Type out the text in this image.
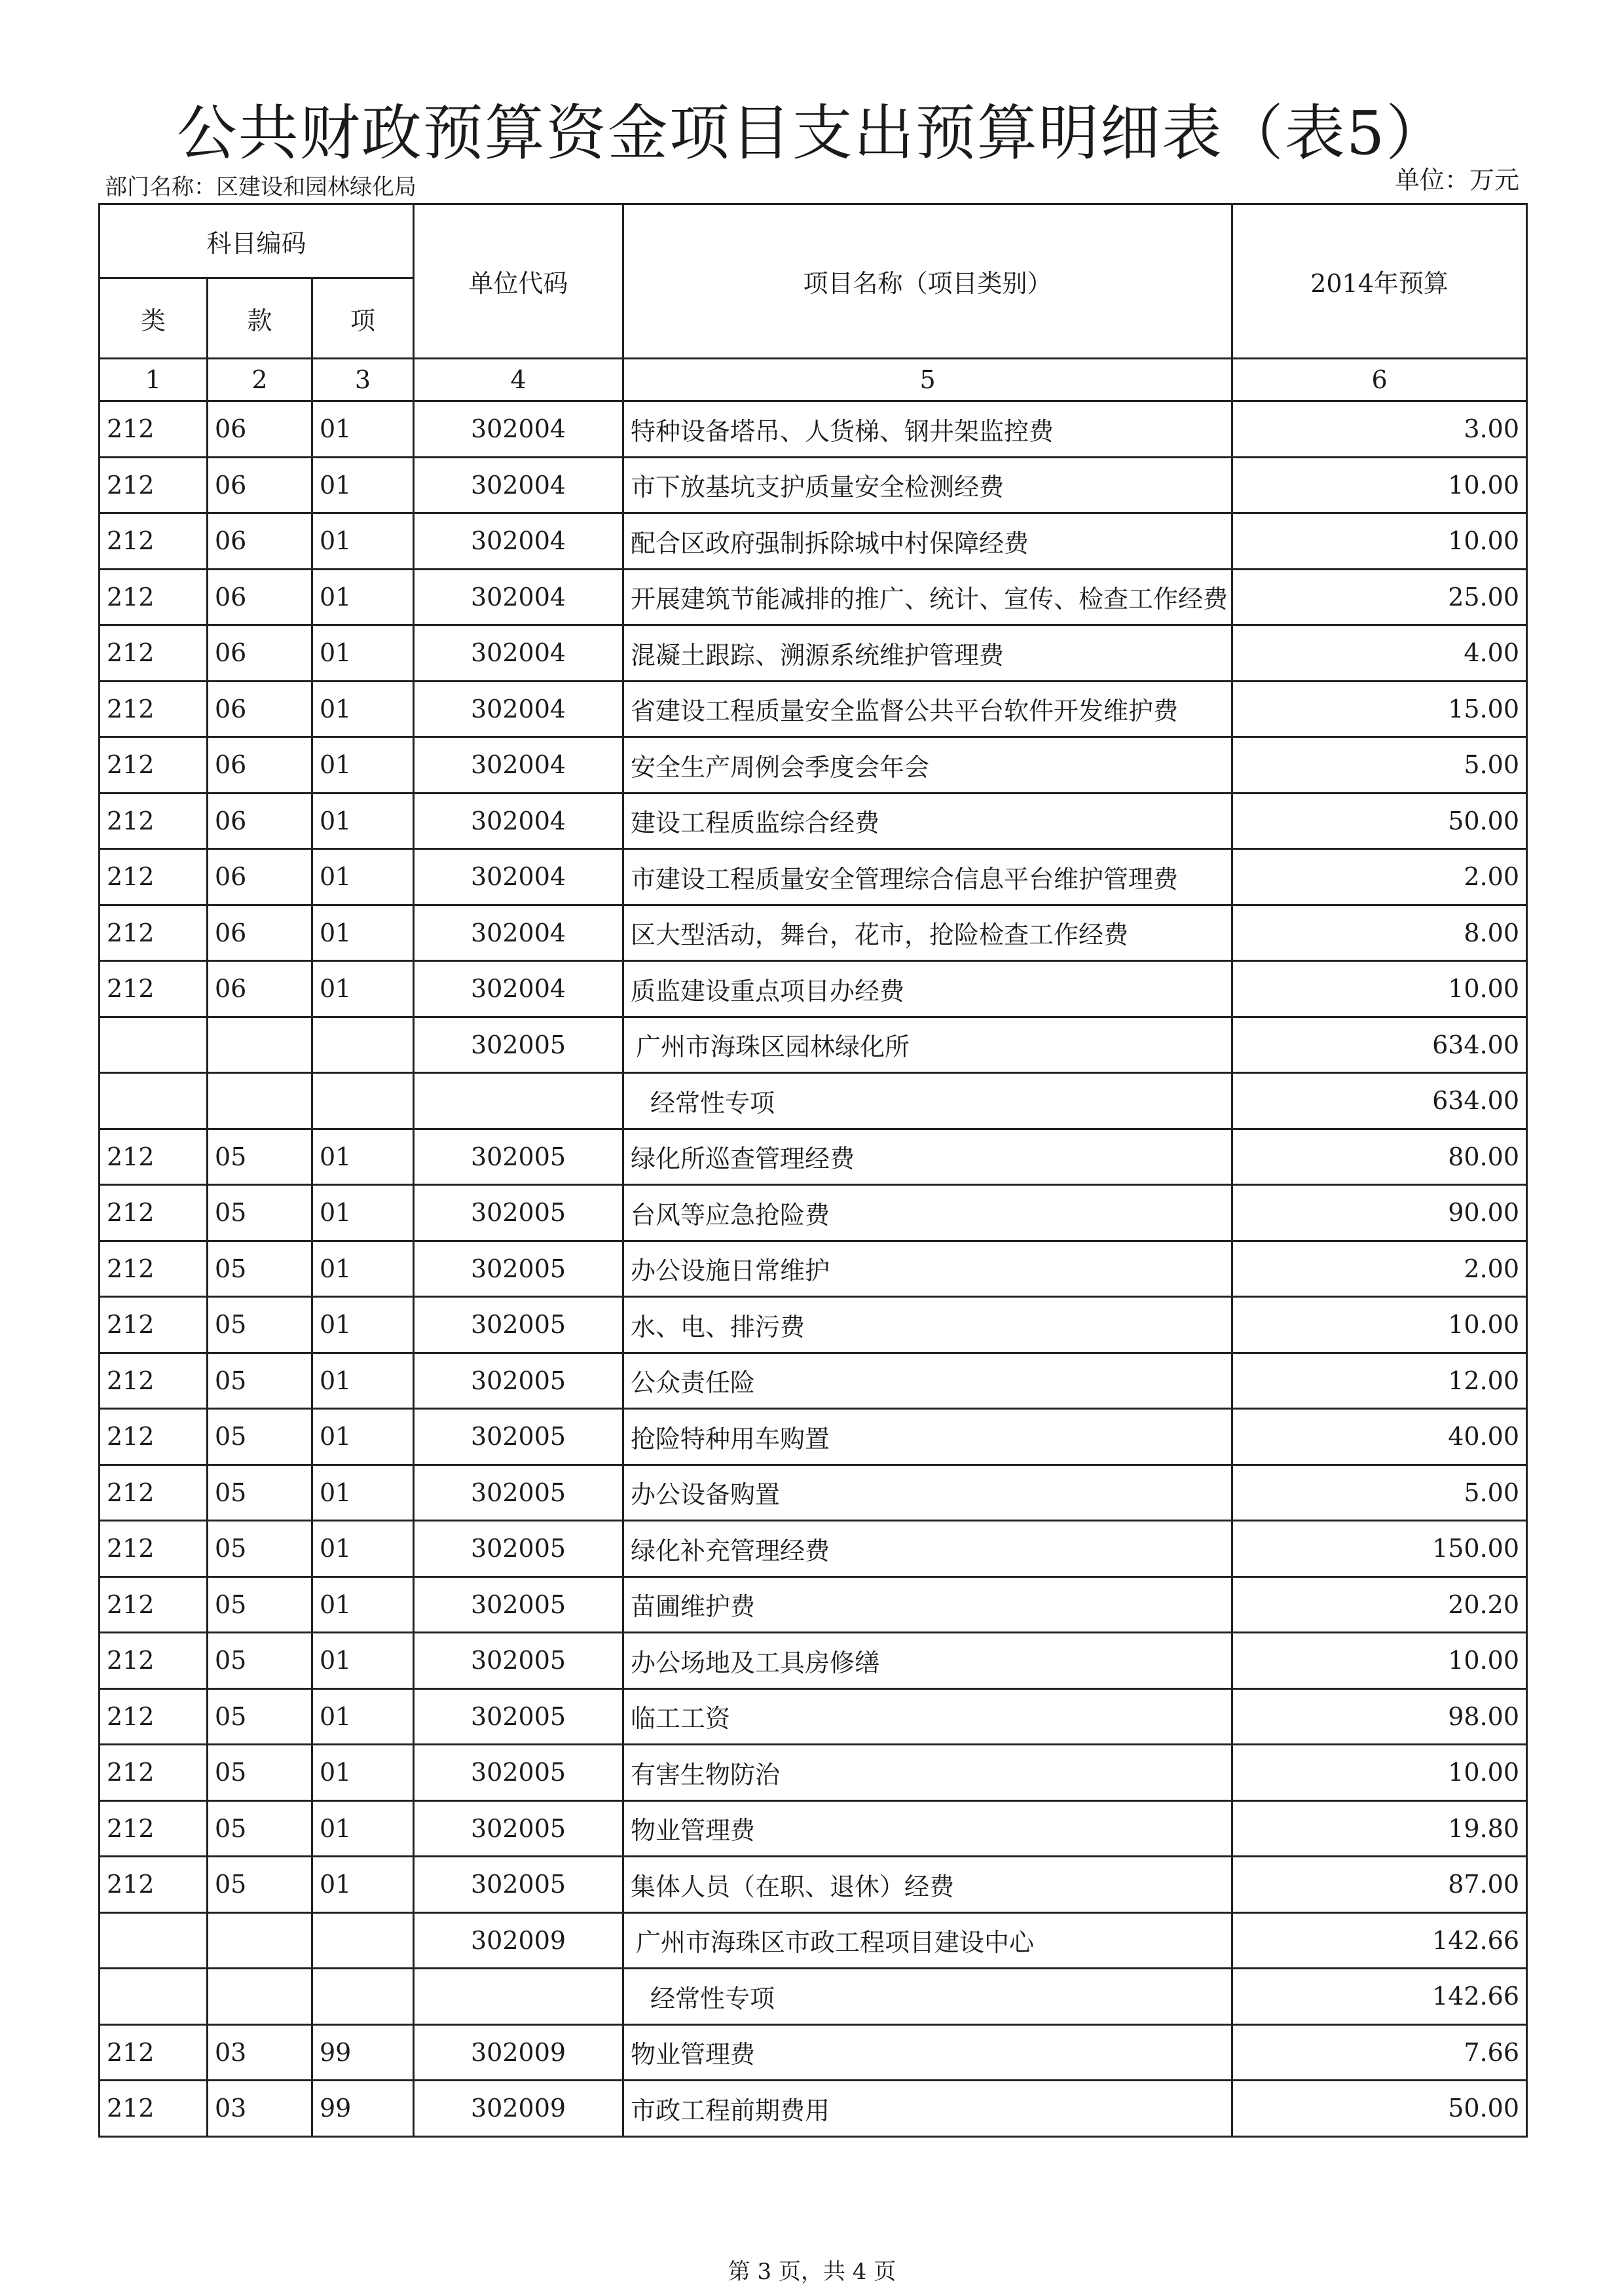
公共财政预算资金项目支出预算明细表（表5）
部门名称：区建设和园林绿化局	单位：万元
科目编码			单位代码	项目名称（项目类别）	2014年预算
类	款	项			
1	2	3	4	5	6
212	06	01	302004	特种设备塔吊、人货梯、钢井架监控费	3.00
212	06	01	302004	市下放基坑支护质量安全检测经费	10.00
212	06	01	302004	配合区政府强制拆除城中村保障经费	10.00
212	06	01	302004	开展建筑节能减排的推广、统计、宣传、检查工作经费	25.00
212	06	01	302004	混凝土跟踪、溯源系统维护管理费	4.00
212	06	01	302004	省建设工程质量安全监督公共平台软件开发维护费	15.00
212	06	01	302004	安全生产周例会季度会年会	5.00
212	06	01	302004	建设工程质监综合经费	50.00
212	06	01	302004	市建设工程质量安全管理综合信息平台维护管理费	2.00
212	06	01	302004	区大型活动，舞台，花市，抢险检查工作经费	8.00
212	06	01	302004	质监建设重点项目办经费	10.00
			302005	广州市海珠区园林绿化所	634.00
				经常性专项	634.00
212	05	01	302005	绿化所巡查管理经费	80.00
212	05	01	302005	台风等应急抢险费	90.00
212	05	01	302005	办公设施日常维护	2.00
212	05	01	302005	水、电、排污费	10.00
212	05	01	302005	公众责任险	12.00
212	05	01	302005	抢险特种用车购置	40.00
212	05	01	302005	办公设备购置	5.00
212	05	01	302005	绿化补充管理经费	150.00
212	05	01	302005	苗圃维护费	20.20
212	05	01	302005	办公场地及工具房修缮	10.00
212	05	01	302005	临工工资	98.00
212	05	01	302005	有害生物防治	10.00
212	05	01	302005	物业管理费	19.80
212	05	01	302005	集体人员（在职、退休）经费	87.00
			302009	广州市海珠区市政工程项目建设中心	142.66
				经常性专项	142.66
212	03	99	302009	物业管理费	7.66
212	03	99	302009	市政工程前期费用	50.00
第 3 页，共 4 页
